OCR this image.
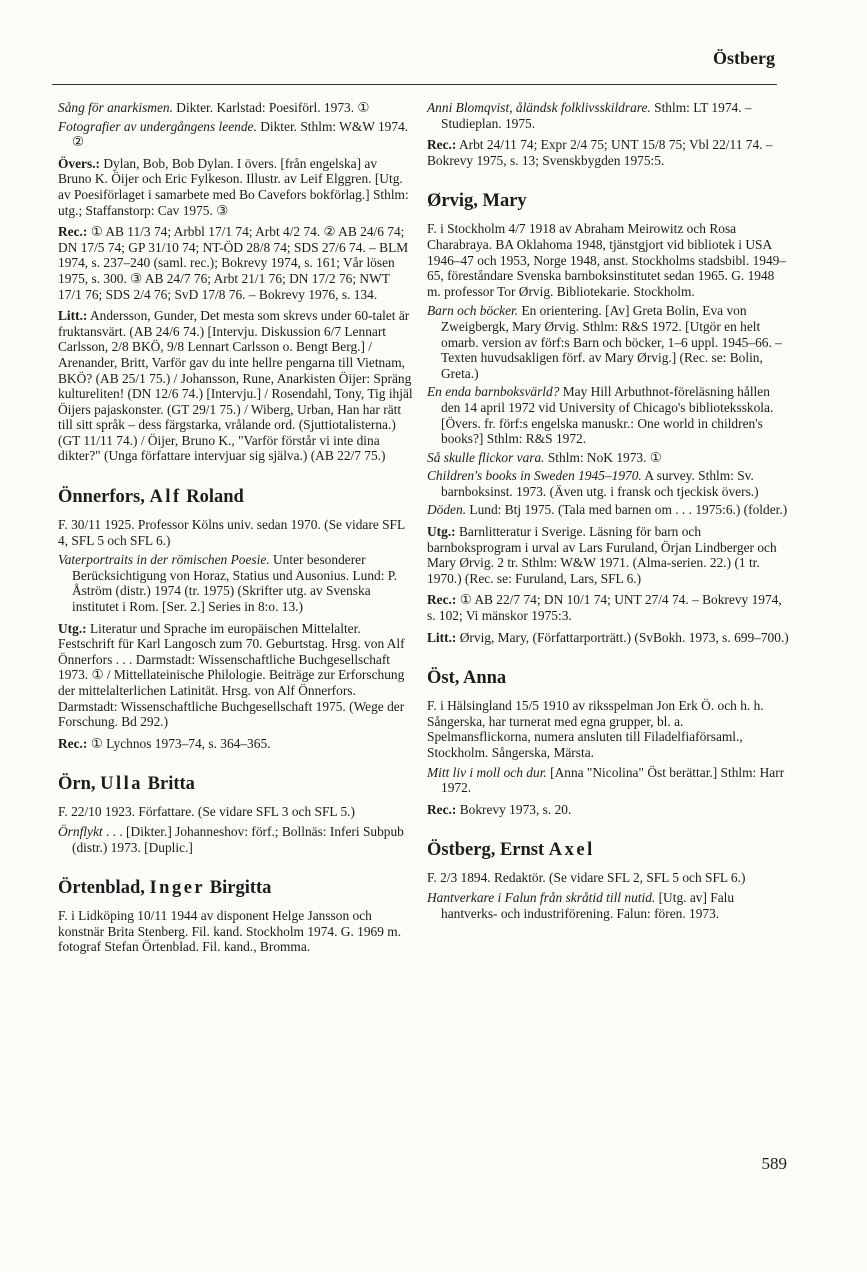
Östberg

Sång för anarkismen. Dikter. Karlstad: Poesiförl. 1973. ①

Fotografier av undergångens leende. Dikter. Sthlm: W&W 1974. ②

Övers.: Dylan, Bob, Bob Dylan. I övers. [från engelska] av Bruno K. Öijer och Eric Fylkeson. Illustr. av Leif Elggren. [Utg. av Poesiförlaget i samarbete med Bo Cavefors bokförlag.] Sthlm: utg.; Staffanstorp: Cav 1975. ③

Rec.: ① AB 11/3 74; Arbbl 17/1 74; Arbt 4/2 74. ② AB 24/6 74; DN 17/5 74; GP 31/10 74; NT-ÖD 28/8 74; SDS 27/6 74. – BLM 1974, s. 237–240 (saml. rec.); Bokrevy 1974, s. 161; Vår lösen 1975, s. 300. ③ AB 24/7 76; Arbt 21/1 76; DN 17/2 76; NWT 17/1 76; SDS 2/4 76; SvD 17/8 76. – Bokrevy 1976, s. 134.

Litt.: Andersson, Gunder, Det mesta som skrevs under 60-talet är fruktansvärt. (AB 24/6 74.) [Intervju. Diskussion 6/7 Lennart Carlsson, 2/8 BKÖ, 9/8 Lennart Carlsson o. Bengt Berg.] / Arenander, Britt, Varför gav du inte hellre pengarna till Vietnam, BKÖ? (AB 25/1 75.) / Johansson, Rune, Anarkisten Öijer: Spräng kultureliten! (DN 12/6 74.) [Intervju.] / Rosendahl, Tony, Tig ihjäl Öijers pajaskonster. (GT 29/1 75.) / Wiberg, Urban, Han har rätt till sitt språk – dess färgstarka, vrålande ord. (Sjuttiotalisterna.) (GT 11/11 74.) / Öijer, Bruno K., "Varför förstår vi inte dina dikter?" (Unga författare intervjuar sig själva.) (AB 22/7 75.)

Önnerfors, Alf Roland

F. 30/11 1925. Professor Kölns univ. sedan 1970. (Se vidare SFL 4, SFL 5 och SFL 6.)

Vaterportraits in der römischen Poesie. Unter besonderer Berücksichtigung von Horaz, Statius und Ausonius. Lund: P. Åström (distr.) 1974 (tr. 1975) (Skrifter utg. av Svenska institutet i Rom. [Ser. 2.] Series in 8:o. 13.)

Utg.: Literatur und Sprache im europäischen Mittelalter. Festschrift für Karl Langosch zum 70. Geburtstag. Hrsg. von Alf Önnerfors . . . Darmstadt: Wissenschaftliche Buchgesellschaft 1973. ① / Mittellateinische Philologie. Beiträge zur Erforschung der mittelalterlichen Latinität. Hrsg. von Alf Önnerfors. Darmstadt: Wissenschaftliche Buchgesellschaft 1975. (Wege der Forschung. Bd 292.)

Rec.: ① Lychnos 1973–74, s. 364–365.

Örn, Ulla Britta

F. 22/10 1923. Författare. (Se vidare SFL 3 och SFL 5.)

Örnflykt . . . [Dikter.] Johanneshov: förf.; Bollnäs: Inferi Subpub (distr.) 1973. [Duplic.]

Örtenblad, Inger Birgitta

F. i Lidköping 10/11 1944 av disponent Helge Jansson och konstnär Brita Stenberg. Fil. kand. Stockholm 1974. G. 1969 m. fotograf Stefan Örtenblad. Fil. kand., Bromma.

Anni Blomqvist, åländsk folklivsskildrare. Sthlm: LT 1974. – Studieplan. 1975.

Rec.: Arbt 24/11 74; Expr 2/4 75; UNT 15/8 75; Vbl 22/11 74. – Bokrevy 1975, s. 13; Svenskbygden 1975:5.

Ørvig, Mary

F. i Stockholm 4/7 1918 av Abraham Meirowitz och Rosa Charabraya. BA Oklahoma 1948, tjänstgjort vid bibliotek i USA 1946–47 och 1953, Norge 1948, anst. Stockholms stadsbibl. 1949–65, föreståndare Svenska barnboksinstitutet sedan 1965. G. 1948 m. professor Tor Ørvig. Bibliotekarie. Stockholm.

Barn och böcker. En orientering. [Av] Greta Bolin, Eva von Zweigbergk, Mary Ørvig. Sthlm: R&S 1972. [Utgör en helt omarb. version av förf:s Barn och böcker, 1–6 uppl. 1945–66. – Texten huvudsakligen förf. av Mary Ørvig.] (Rec. se: Bolin, Greta.)

En enda barnboksvärld? May Hill Arbuthnot-föreläsning hållen den 14 april 1972 vid University of Chicago's biblioteksskola. [Övers. fr. förf:s engelska manuskr.: One world in children's books?] Sthlm: R&S 1972.

Så skulle flickor vara. Sthlm: NoK 1973. ①

Children's books in Sweden 1945–1970. A survey. Sthlm: Sv. barnboksinst. 1973. (Även utg. i fransk och tjeckisk övers.)

Döden. Lund: Btj 1975. (Tala med barnen om . . . 1975:6.) (folder.)

Utg.: Barnlitteratur i Sverige. Läsning för barn och barnboksprogram i urval av Lars Furuland, Örjan Lindberger och Mary Ørvig. 2 tr. Sthlm: W&W 1971. (Alma-serien. 22.) (1 tr. 1970.) (Rec. se: Furuland, Lars, SFL 6.)

Rec.: ① AB 22/7 74; DN 10/1 74; UNT 27/4 74. – Bokrevy 1974, s. 102; Vi mänskor 1975:3.

Litt.: Ørvig, Mary, (Författarporträtt.) (SvBokh. 1973, s. 699–700.)

Öst, Anna

F. i Hälsingland 15/5 1910 av riksspelman Jon Erk Ö. och h. h. Sångerska, har turnerat med egna grupper, bl. a. Spelmansflickorna, numera ansluten till Filadelfiaförsaml., Stockholm. Sångerska, Märsta.

Mitt liv i moll och dur. [Anna "Nicolina" Öst berättar.] Sthlm: Harr 1972.

Rec.: Bokrevy 1973, s. 20.

Östberg, Ernst Axel

F. 2/3 1894. Redaktör. (Se vidare SFL 2, SFL 5 och SFL 6.)

Hantverkare i Falun från skråtid till nutid. [Utg. av] Falu hantverks- och industriförening. Falun: fören. 1973.

589
